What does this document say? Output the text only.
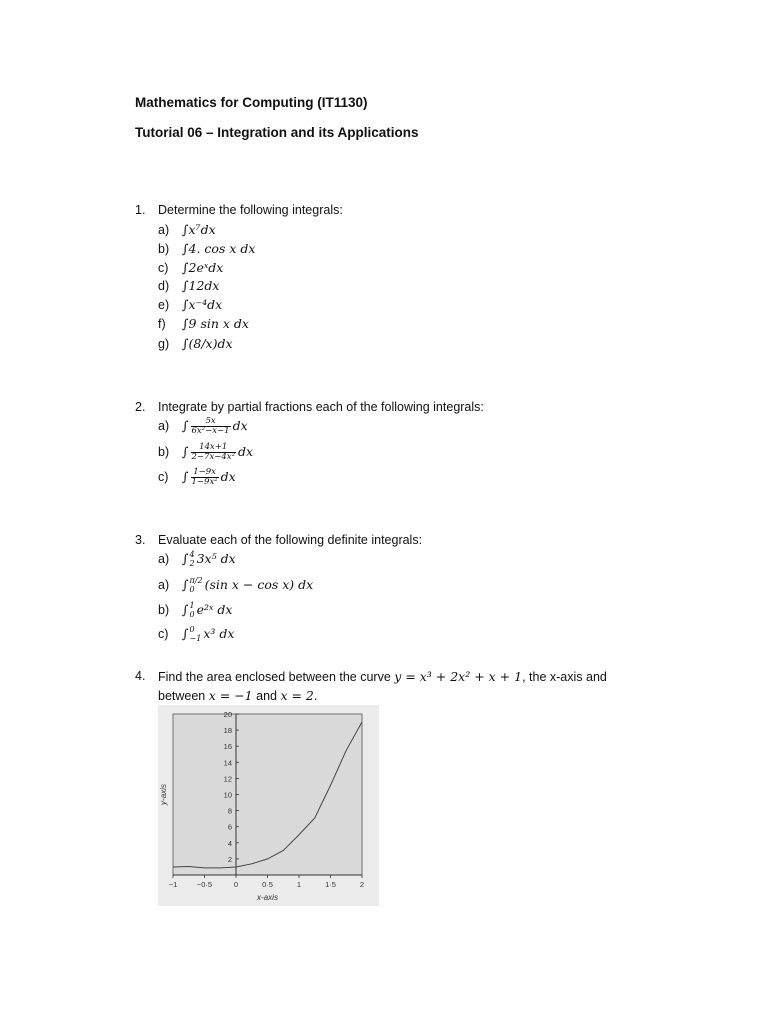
Mathematics for Computing (IT1130)
Tutorial 06 – Integration and its Applications
1. Determine the following integrals:
a) ∫x⁷dx
b) ∫4. cos x dx
c) ∫2eˣdx
d) ∫12dx
e) ∫x⁻⁴dx
f) ∫9 sin x dx
g) ∫(8/x)dx
2. Integrate by partial fractions each of the following integrals:
a) ∫ $\frac{5x}{\text{6x²−x−1}}$ dx
b) ∫ $\frac{14x+1}{\text{2−7x−4x²}}$ dx
c) ∫ $\frac{1-9x}{\text{1−9x²}}$ dx
3. Evaluate each of the following definite integrals:
a) ∫ 4
2 3x⁵ dx
a) ∫ π/2
0 (sin x − cos x) dx
b) ∫ 1
0 e²ˣ dx
c) ∫ 0
−1 x³ dx
4. Find the area enclosed between the curve y = x³ + 2x² + x + 1, the x-axis and
between x = −1 and x = 2.
2
4
6
8
10
12
14
16
18
20
−1	−0·5	0	0·5	1	1·5	2
x-axis
y-axis
